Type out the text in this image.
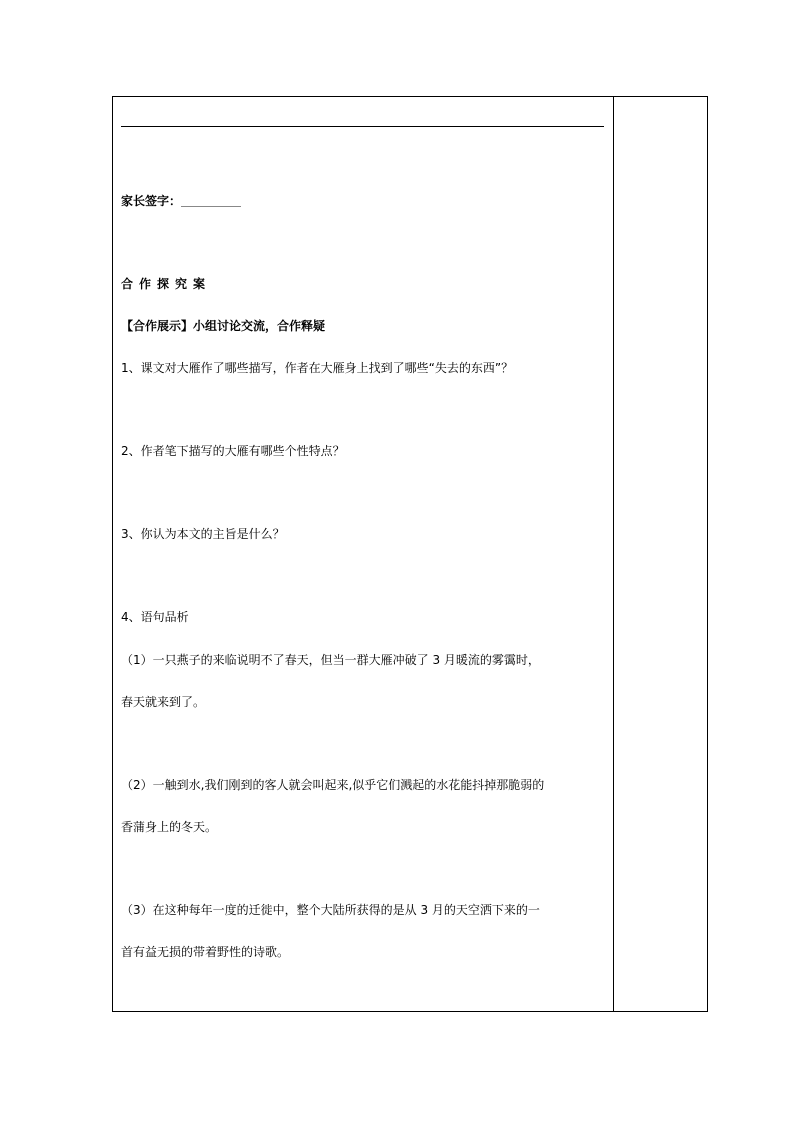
家长签字：＿＿＿＿＿
合作探究案
【合作展示】小组讨论交流，合作释疑
1、课文对大雁作了哪些描写，作者在大雁身上找到了哪些“失去的东西”？
2、作者笔下描写的大雁有哪些个性特点？
3、你认为本文的主旨是什么？
4、语句品析
（1）一只燕子的来临说明不了春天，但当一群大雁冲破了 3 月暖流的雾霭时，
春天就来到了。
（2）一触到水,我们刚到的客人就会叫起来,似乎它们溅起的水花能抖掉那脆弱的
香蒲身上的冬天。
（3）在这种每年一度的迁徙中，整个大陆所获得的是从 3 月的天空洒下来的一
首有益无损的带着野性的诗歌。
